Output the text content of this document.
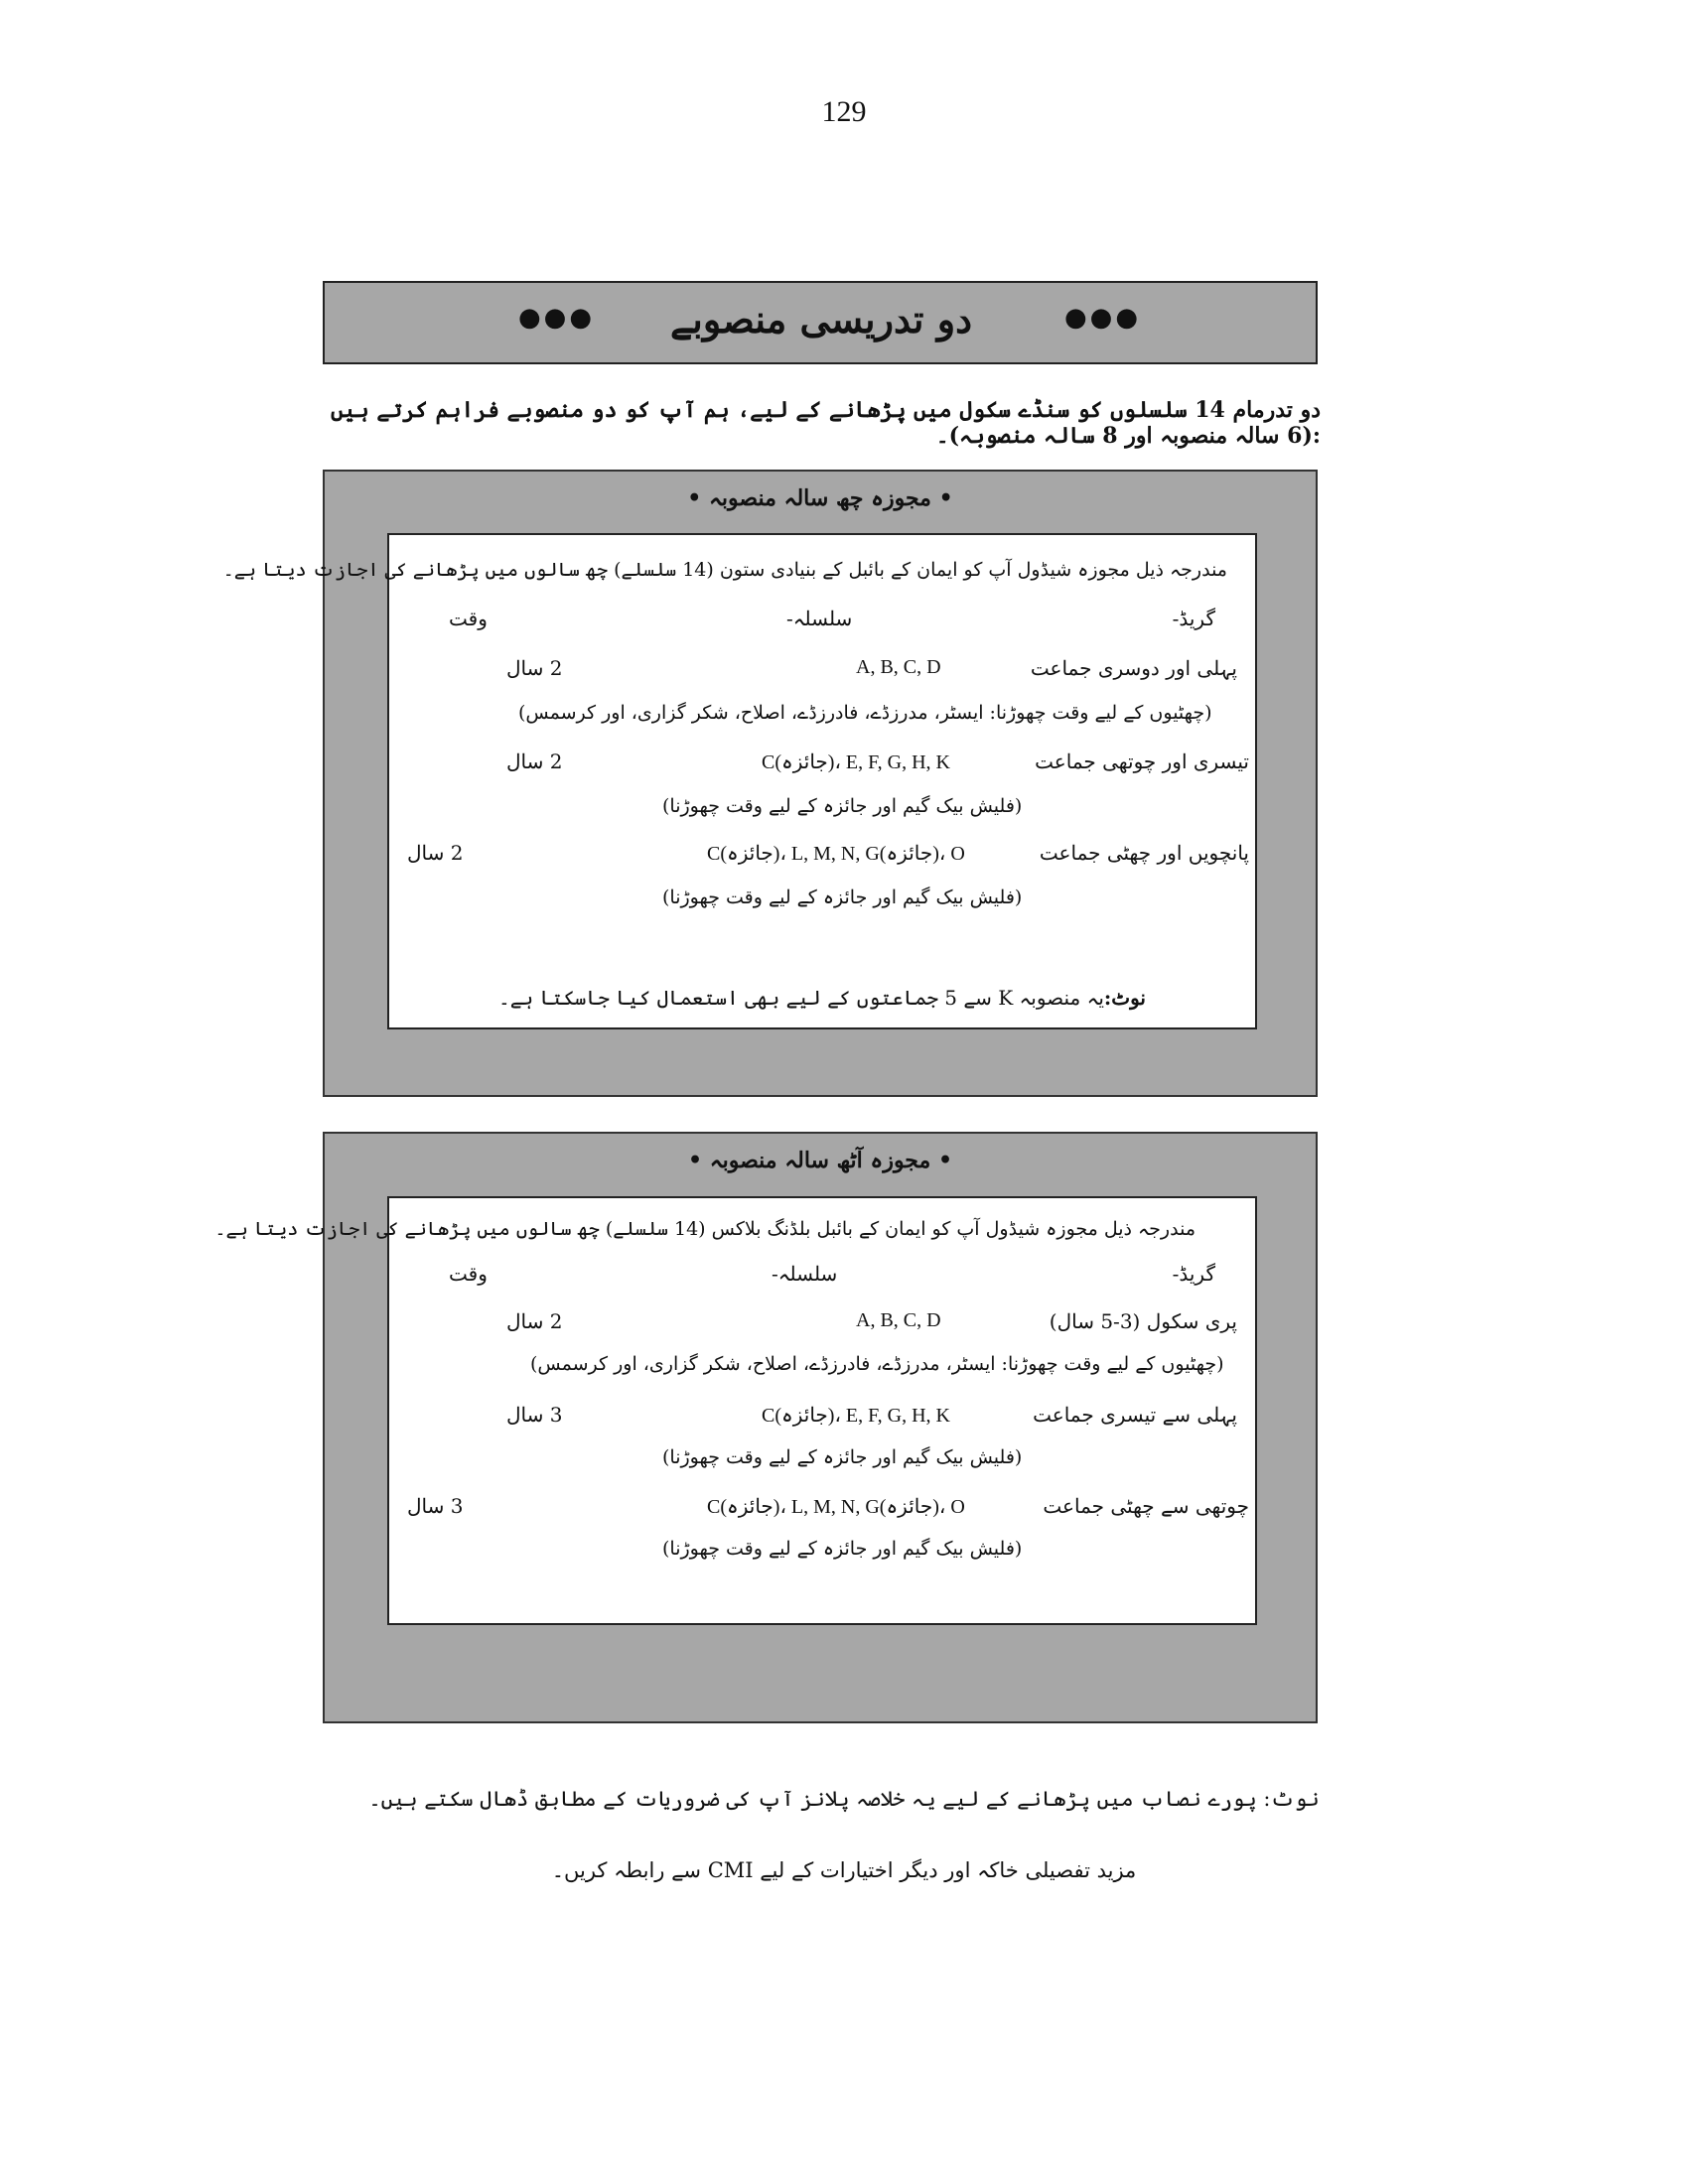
129
●●●	دو تدریسی منصوبے	●●●
دو تدرمام 14 سلسلوں کو سنڈے سکول میں پڑھانے کے لیے، ہم آپ کو دو منصوبے فراہم کرتے ہیں :(6 سالہ منصوبہ اور 8 سالہ منصوبہ)۔
• مجوزہ چھ سالہ منصوبہ •
مندرجہ ذیل مجوزہ شیڈول آپ کو ایمان کے بائبل کے بنیادی ستون (14 سلسلے) چھ سالوں میں پڑھانے کی اجازت دیتا ہے۔
گریڈ-
سلسلہ-
وقت
پہلی اور دوسری جماعت
A, B, C, D
2 سال
(چھٹیوں کے لیے وقت چھوڑنا: ایسٹر، مدرزڈے، فادرزڈے، اصلاح، شکر گزاری، اور کرسمس)
تیسری اور چوتھی جماعت
C(جائزہ)، E, F, G, H, K
2 سال
(فلیش بیک گیم اور جائزہ کے لیے وقت چھوڑنا)
پانچویں اور چھٹی جماعت
C(جائزہ)، L, M, N, G(جائزہ)، O
2 سال
(فلیش بیک گیم اور جائزہ کے لیے وقت چھوڑنا)
نوٹ:یہ منصوبہ K سے 5 جماعتوں کے لیے بھی استعمال کیا جاسکتا ہے۔
• مجوزہ آٹھ سالہ منصوبہ •
مندرجہ ذیل مجوزہ شیڈول آپ کو ایمان کے بائبل بلڈنگ بلاکس (14 سلسلے) چھ سالوں میں پڑھانے کی اجازت دیتا ہے۔
گریڈ-
سلسلہ-
وقت
پری سکول (3-5 سال)
A, B, C, D
2 سال
(چھٹیوں کے لیے وقت چھوڑنا: ایسٹر، مدرزڈے، فادرزڈے، اصلاح، شکر گزاری، اور کرسمس)
پہلی سے تیسری جماعت
C(جائزہ)، E, F, G, H, K
3 سال
(فلیش بیک گیم اور جائزہ کے لیے وقت چھوڑنا)
چوتھی سے چھٹی جماعت
C(جائزہ)، L, M, N, G(جائزہ)، O
3 سال
(فلیش بیک گیم اور جائزہ کے لیے وقت چھوڑنا)
نوٹ: پورے نصاب میں پڑھانے کے لیے یہ خلاصہ پلانز آپ کی ضروریات کے مطابق ڈھال سکتے ہیں۔
مزید تفصیلی خاکہ اور دیگر اختیارات کے لیے CMI سے رابطہ کریں۔
